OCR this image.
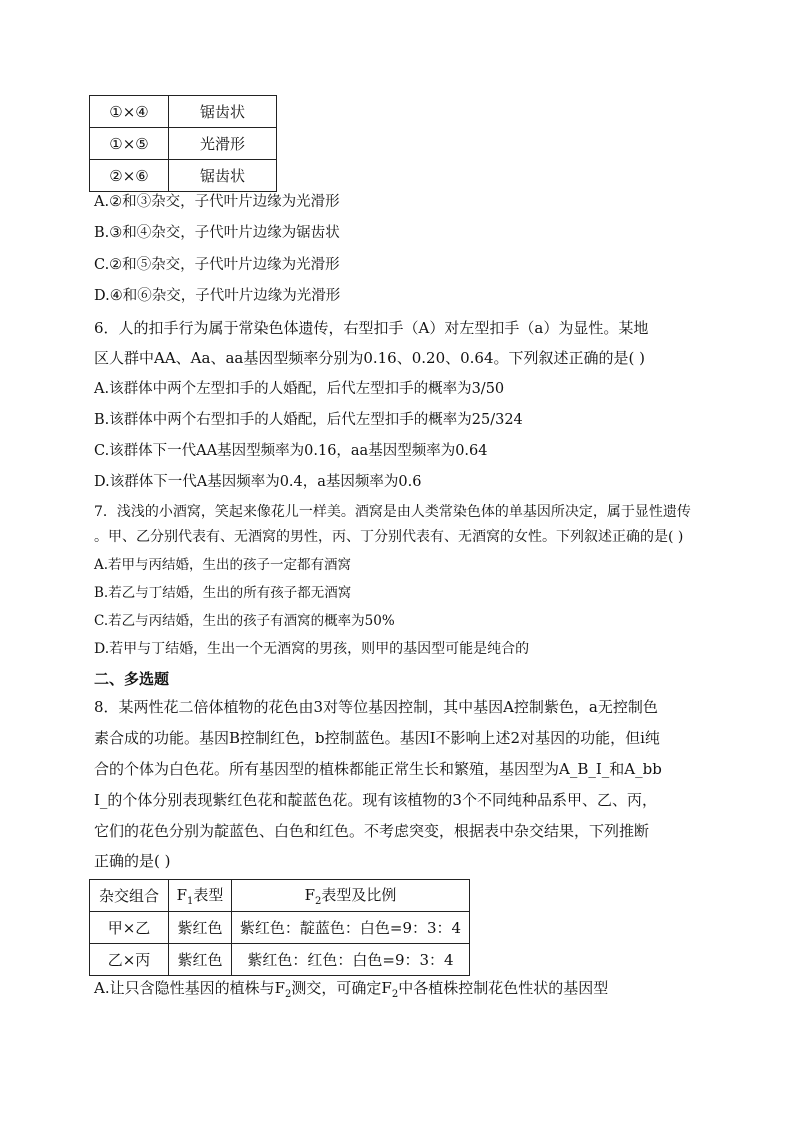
①×④	锯齿状
①×⑤	光滑形
②×⑥	锯齿状
A.②和③杂交，子代叶片边缘为光滑形
B.③和④杂交，子代叶片边缘为锯齿状
C.②和⑤杂交，子代叶片边缘为光滑形
D.④和⑥杂交，子代叶片边缘为光滑形
6．人的扣手行为属于常染色体遗传，右型扣手（A）对左型扣手（a）为显性。某地
区人群中AA、Aa、aa基因型频率分别为0.16、0.20、0.64。下列叙述正确的是( )
A.该群体中两个左型扣手的人婚配，后代左型扣手的概率为3/50
B.该群体中两个右型扣手的人婚配，后代左型扣手的概率为25/324
C.该群体下一代AA基因型频率为0.16，aa基因型频率为0.64
D.该群体下一代A基因频率为0.4，a基因频率为0.6
7．浅浅的小酒窝，笑起来像花儿一样美。酒窝是由人类常染色体的单基因所决定，属于显性遗传
。甲、乙分别代表有、无酒窝的男性，丙、丁分别代表有、无酒窝的女性。下列叙述正确的是( )
A.若甲与丙结婚，生出的孩子一定都有酒窝
B.若乙与丁结婚，生出的所有孩子都无酒窝
C.若乙与丙结婚，生出的孩子有酒窝的概率为50%
D.若甲与丁结婚，生出一个无酒窝的男孩，则甲的基因型可能是纯合的
二、多选题
8．某两性花二倍体植物的花色由3对等位基因控制，其中基因A控制紫色，a无控制色
素合成的功能。基因B控制红色，b控制蓝色。基因I不影响上述2对基因的功能，但i纯
合的个体为白色花。所有基因型的植株都能正常生长和繁殖，基因型为A_B_I_和A_bb
I_的个体分别表现紫红色花和靛蓝色花。现有该植物的3个不同纯种品系甲、乙、丙，
它们的花色分别为靛蓝色、白色和红色。不考虑突变，根据表中杂交结果，下列推断
正确的是( )
杂交组合	$F_1$表型	$F_2$表型及比例
甲×乙	紫红色	紫红色：靛蓝色：白色=9：3：4
乙×丙	紫红色	紫红色：红色：白色=9：3：4
A.让只含隐性基因的植株与$F_2$测交，可确定$F_2$中各植株控制花色性状的基因型
